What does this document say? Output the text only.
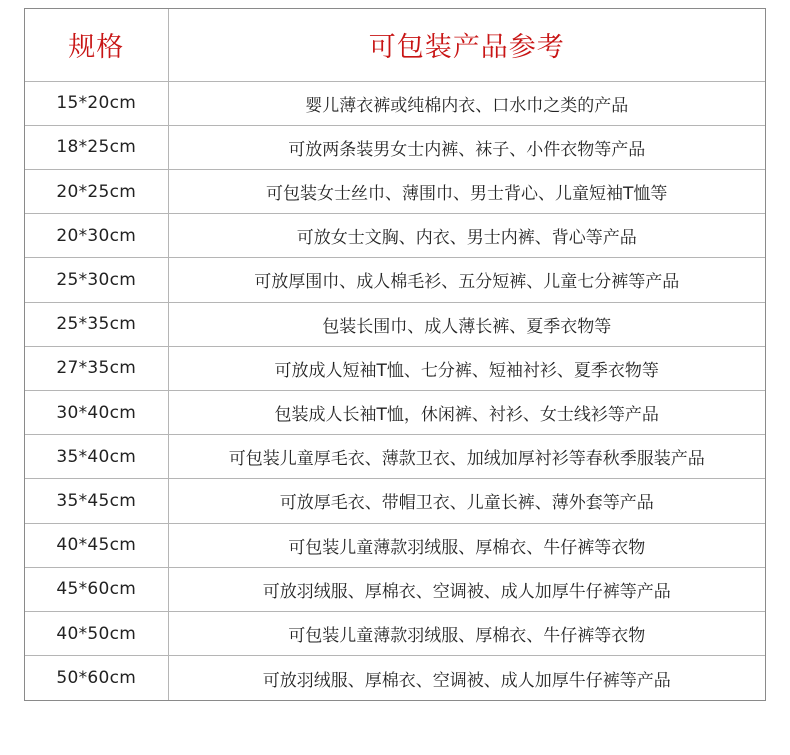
规格	可包装产品参考
15*20cm	婴儿薄衣裤或纯棉内衣、口水巾之类的产品
18*25cm	可放两条装男女士内裤、袜子、小件衣物等产品
20*25cm	可包装女士丝巾、薄围巾、男士背心、儿童短袖T恤等
20*30cm	可放女士文胸、内衣、男士内裤、背心等产品
25*30cm	可放厚围巾、成人棉毛衫、五分短裤、儿童七分裤等产品
25*35cm	包装长围巾、成人薄长裤、夏季衣物等
27*35cm	可放成人短袖T恤、七分裤、短袖衬衫、夏季衣物等
30*40cm	包装成人长袖T恤，休闲裤、衬衫、女士线衫等产品
35*40cm	可包装儿童厚毛衣、薄款卫衣、加绒加厚衬衫等春秋季服装产品
35*45cm	可放厚毛衣、带帽卫衣、儿童长裤、薄外套等产品
40*45cm	可包装儿童薄款羽绒服、厚棉衣、牛仔裤等衣物
45*60cm	可放羽绒服、厚棉衣、空调被、成人加厚牛仔裤等产品
40*50cm	可包装儿童薄款羽绒服、厚棉衣、牛仔裤等衣物
50*60cm	可放羽绒服、厚棉衣、空调被、成人加厚牛仔裤等产品
